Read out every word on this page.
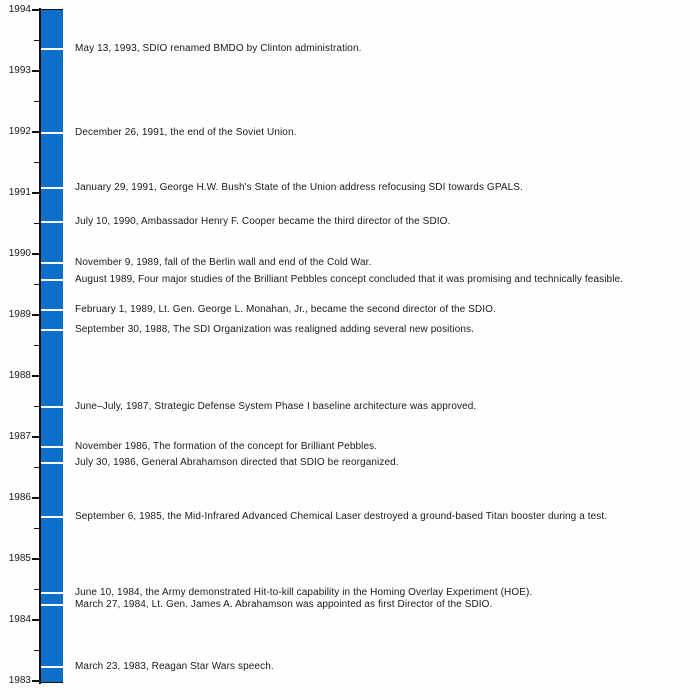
1994
1993
1992
1991
1990
1989
1988
1987
1986
1985
1984
1983
May 13, 1993, SDIO renamed BMDO by Clinton administration.
December 26, 1991, the end of the Soviet Union.
January 29, 1991, George H.W. Bush's State of the Union address refocusing SDI towards GPALS.
July 10, 1990, Ambassador Henry F. Cooper became the third director of the SDIO.
November 9, 1989, fall of the Berlin wall and end of the Cold War.
August 1989, Four major studies of the Brilliant Pebbles concept concluded that it was promising and technically feasible.
February 1, 1989, Lt. Gen. George L. Monahan, Jr., became the second director of the SDIO.
September 30, 1988, The SDI Organization was realigned adding several new positions.
June–July, 1987, Strategic Defense System Phase I baseline architecture was approved.
November 1986, The formation of the concept for Brilliant Pebbles.
July 30, 1986, General Abrahamson directed that SDIO be reorganized.
September 6, 1985, the Mid-Infrared Advanced Chemical Laser destroyed a ground-based Titan booster during a test.
June 10, 1984, the Army demonstrated Hit-to-kill capability in the Homing Overlay Experiment (HOE).
March 27, 1984, Lt. Gen. James A. Abrahamson was appointed as first Director of the SDIO.
March 23, 1983, Reagan Star Wars speech.
